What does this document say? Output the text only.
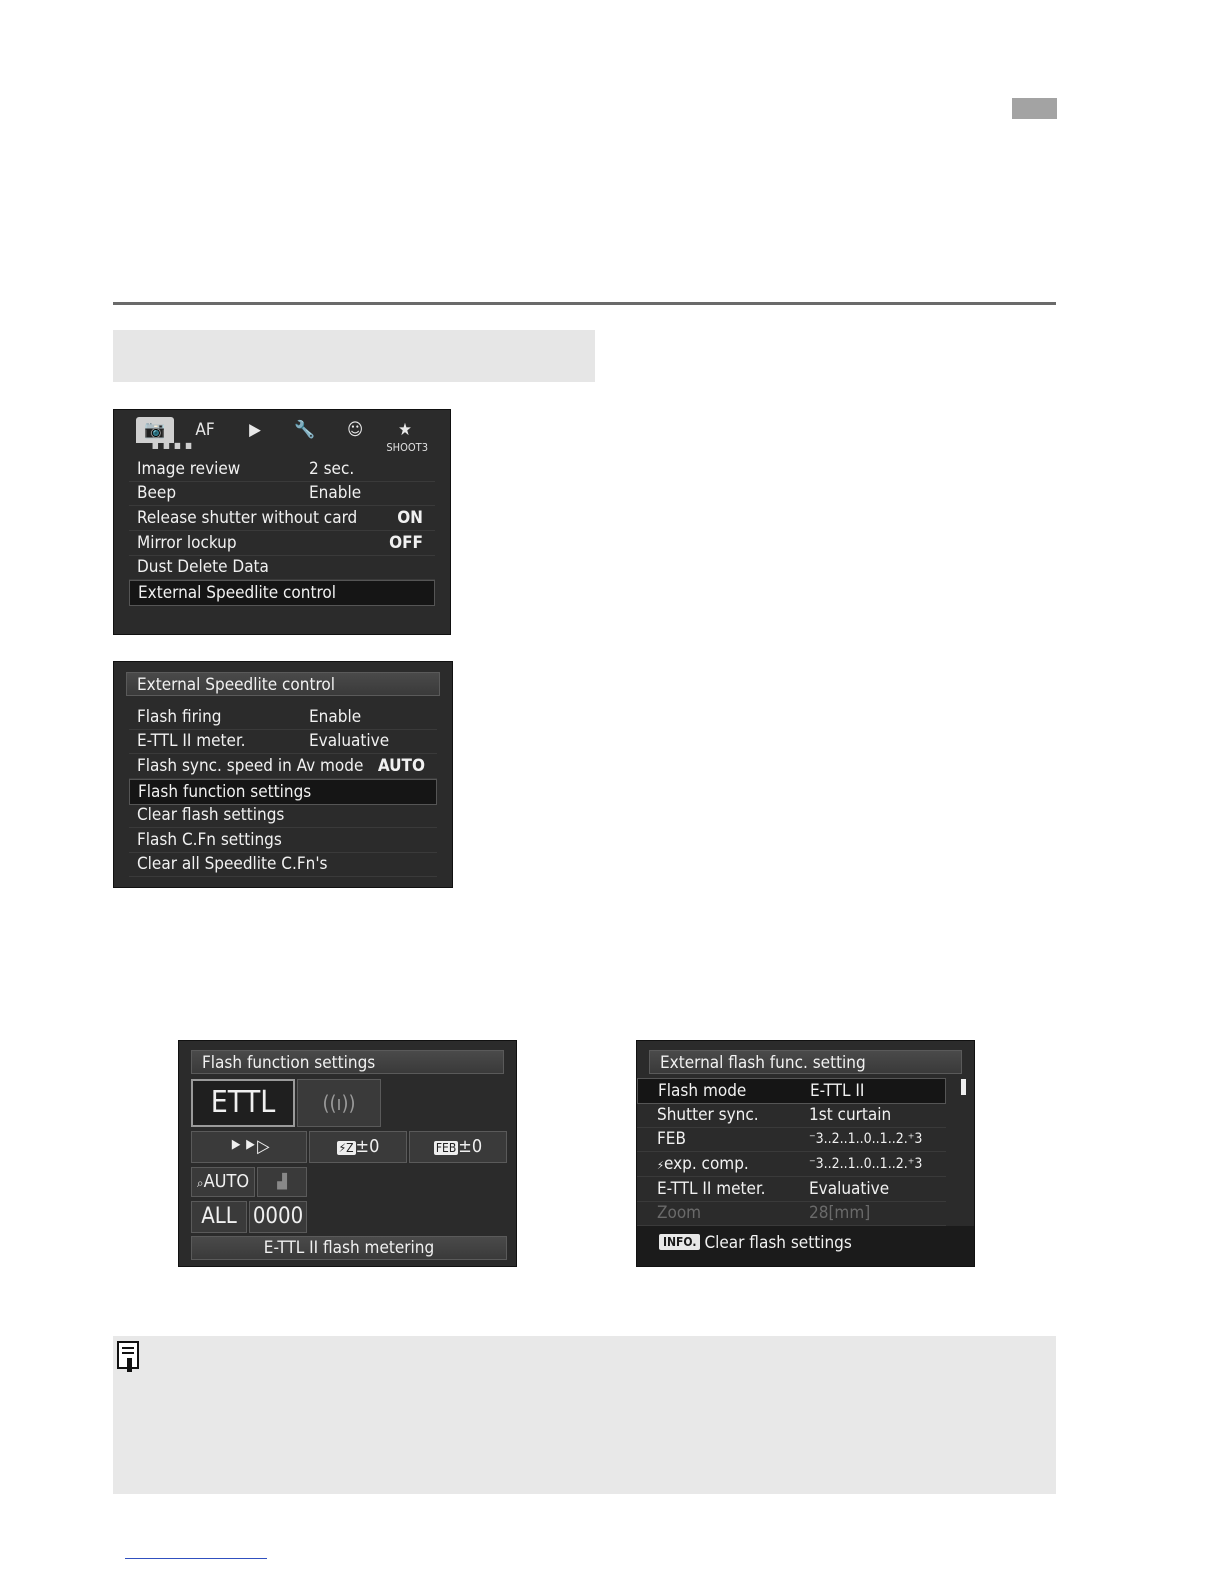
📷	AF	▶	🔧	☺	★
■ ■ ■ ■	SHOOT3
Image review	2 sec.
Beep	Enable
Release shutter without card ON
Mirror lockup	OFF
Dust Delete Data
External Speedlite control
External Speedlite control
Flash firing	Enable
E-TTL II meter.	Evaluative
Flash sync. speed in Av mode AUTO
Flash function settings
Clear flash settings
Flash C.Fn settings
Clear all Speedlite C.Fn's
Flash function settings
ETTL	((ı))
⯈⯈▷	⚡Z ±0	FEB ±0
⌕AUTO	▟
ALL 0000
E-TTL II flash metering
External flash func. setting
Flash mode	E-TTL II
Shutter sync.	1st curtain
FEB	⁻3..2..1..0..1..2.⁺3
⚡exp. comp.	⁻3..2..1..0..1..2.⁺3
E-TTL II meter.	Evaluative
Zoom	28[mm]
INFO. Clear flash settings
